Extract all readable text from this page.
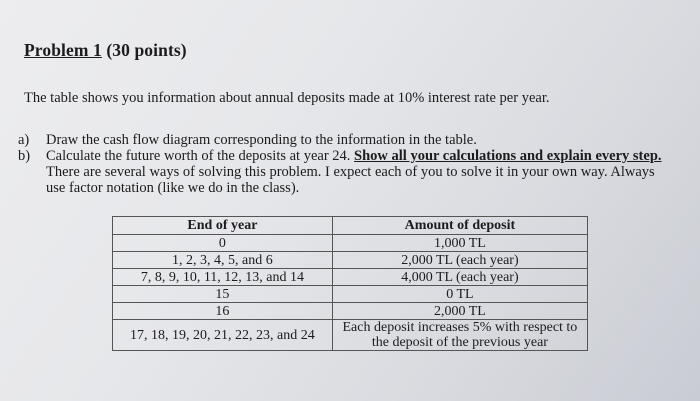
Problem 1 (30 points)
The table shows you information about annual deposits made at 10% interest rate per year.
a) Draw the cash flow diagram corresponding to the information in the table.
b) Calculate the future worth of the deposits at year 24. Show all your calculations and explain every step.
There are several ways of solving this problem. I expect each of you to solve it in your own way. Always
use factor notation (like we do in the class).
End of year	Amount of deposit
0	1,000 TL
1, 2, 3, 4, 5, and 6	2,000 TL (each year)
7, 8, 9, 10, 11, 12, 13, and 14	4,000 TL (each year)
15	0 TL
16	2,000 TL
17, 18, 19, 20, 21, 22, 23, and 24	Each deposit increases 5% with respect to the deposit of the previous year
